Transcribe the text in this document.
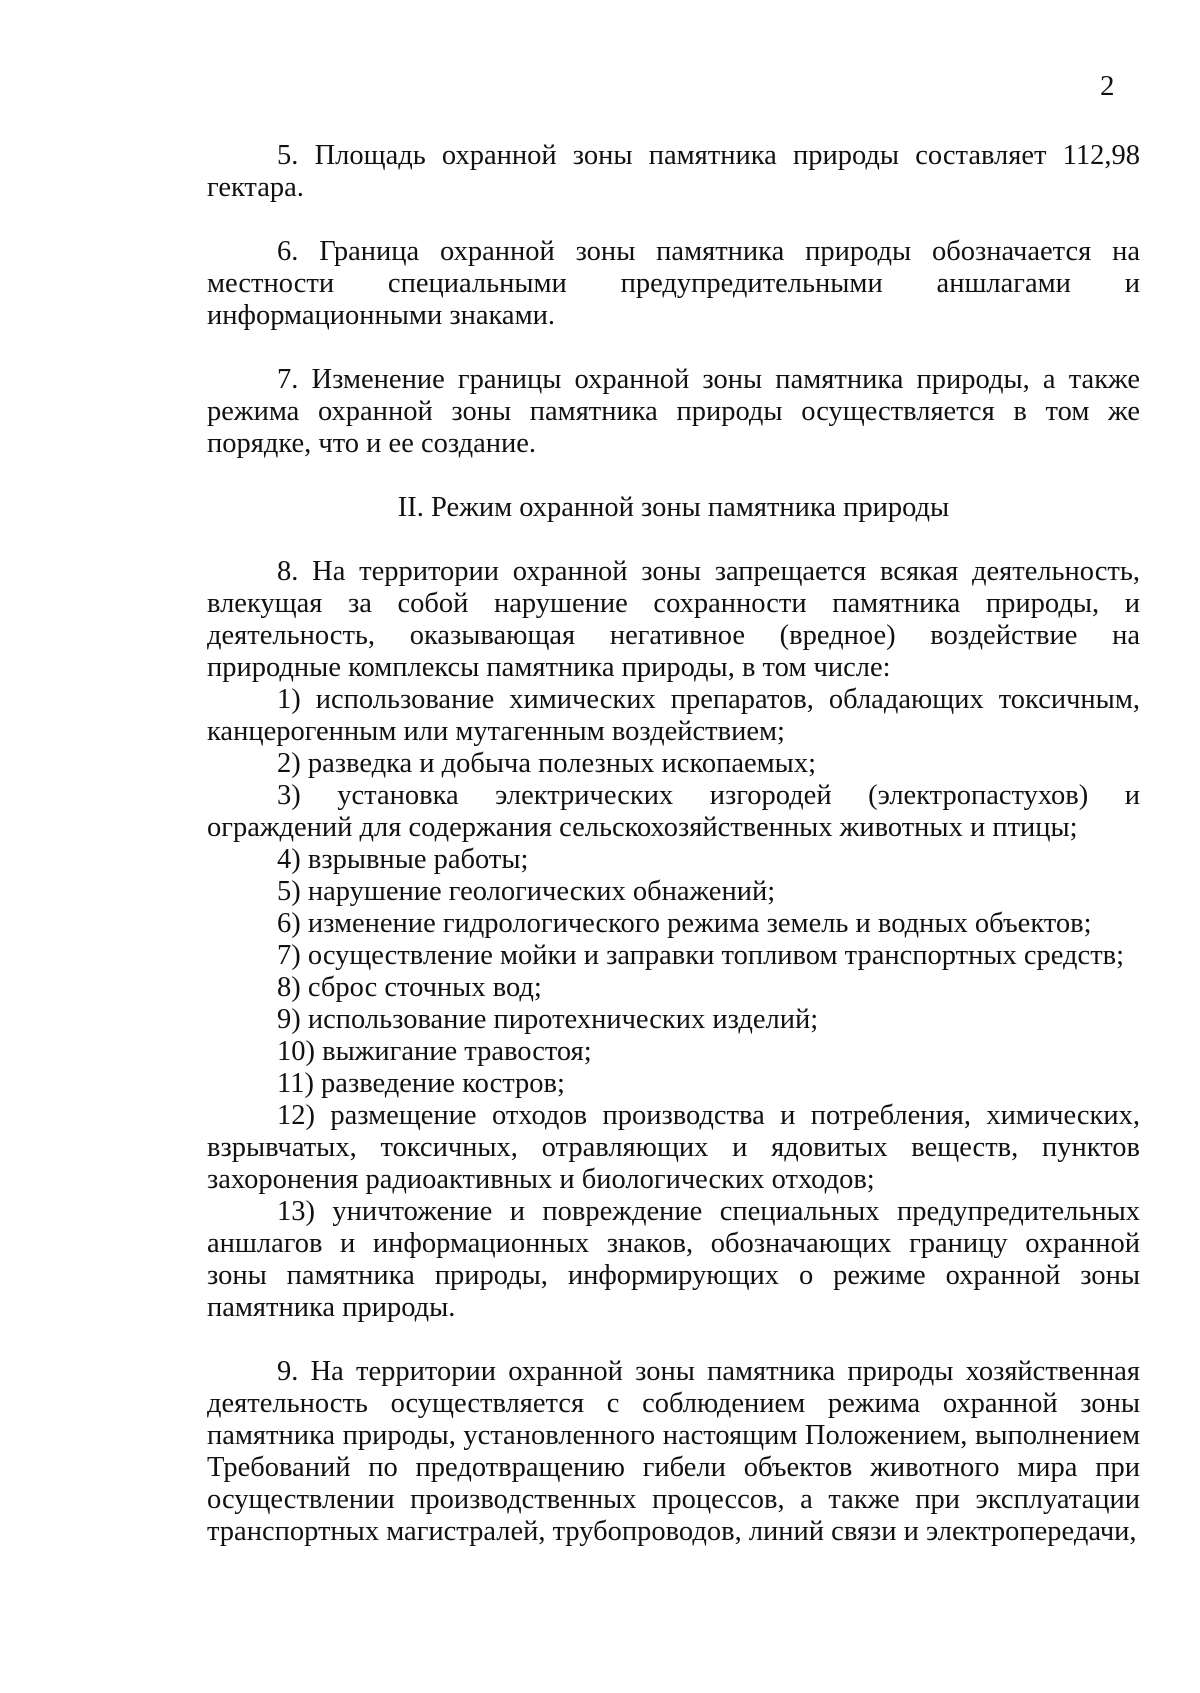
2

5. Площадь охранной зоны памятника природы составляет 112,98 гектара.

6. Граница охранной зоны памятника природы обозначается на местности специальными предупредительными аншлагами и информационными знаками.

7. Изменение границы охранной зоны памятника природы, а также режима охранной зоны памятника природы осуществляется в том же порядке, что и ее создание.

II. Режим охранной зоны памятника природы

8. На территории охранной зоны запрещается всякая деятельность, влекущая за собой нарушение сохранности памятника природы, и деятельность, оказывающая негативное (вредное) воздействие на природные комплексы памятника природы, в том числе:

1) использование химических препаратов, обладающих токсичным, канцерогенным или мутагенным воздействием;

2) разведка и добыча полезных ископаемых;

3) установка электрических изгородей (электропастухов) и ограждений для содержания сельскохозяйственных животных и птицы;

4) взрывные работы;

5) нарушение геологических обнажений;

6) изменение гидрологического режима земель и водных объектов;

7) осуществление мойки и заправки топливом транспортных средств;

8) сброс сточных вод;

9) использование пиротехнических изделий;

10) выжигание травостоя;

11) разведение костров;

12) размещение отходов производства и потребления, химических, взрывчатых, токсичных, отравляющих и ядовитых веществ, пунктов захоронения радиоактивных и биологических отходов;

13) уничтожение и повреждение специальных предупредительных аншлагов и информационных знаков, обозначающих границу охранной зоны памятника природы, информирующих о режиме охранной зоны памятника природы.

9. На территории охранной зоны памятника природы хозяйственная деятельность осуществляется с соблюдением режима охранной зоны памятника природы, установленного настоящим Положением, выполнением Требований по предотвращению гибели объектов животного мира при осуществлении производственных процессов, а также при эксплуатации транспортных магистралей, трубопроводов, линий связи и электропередачи,
